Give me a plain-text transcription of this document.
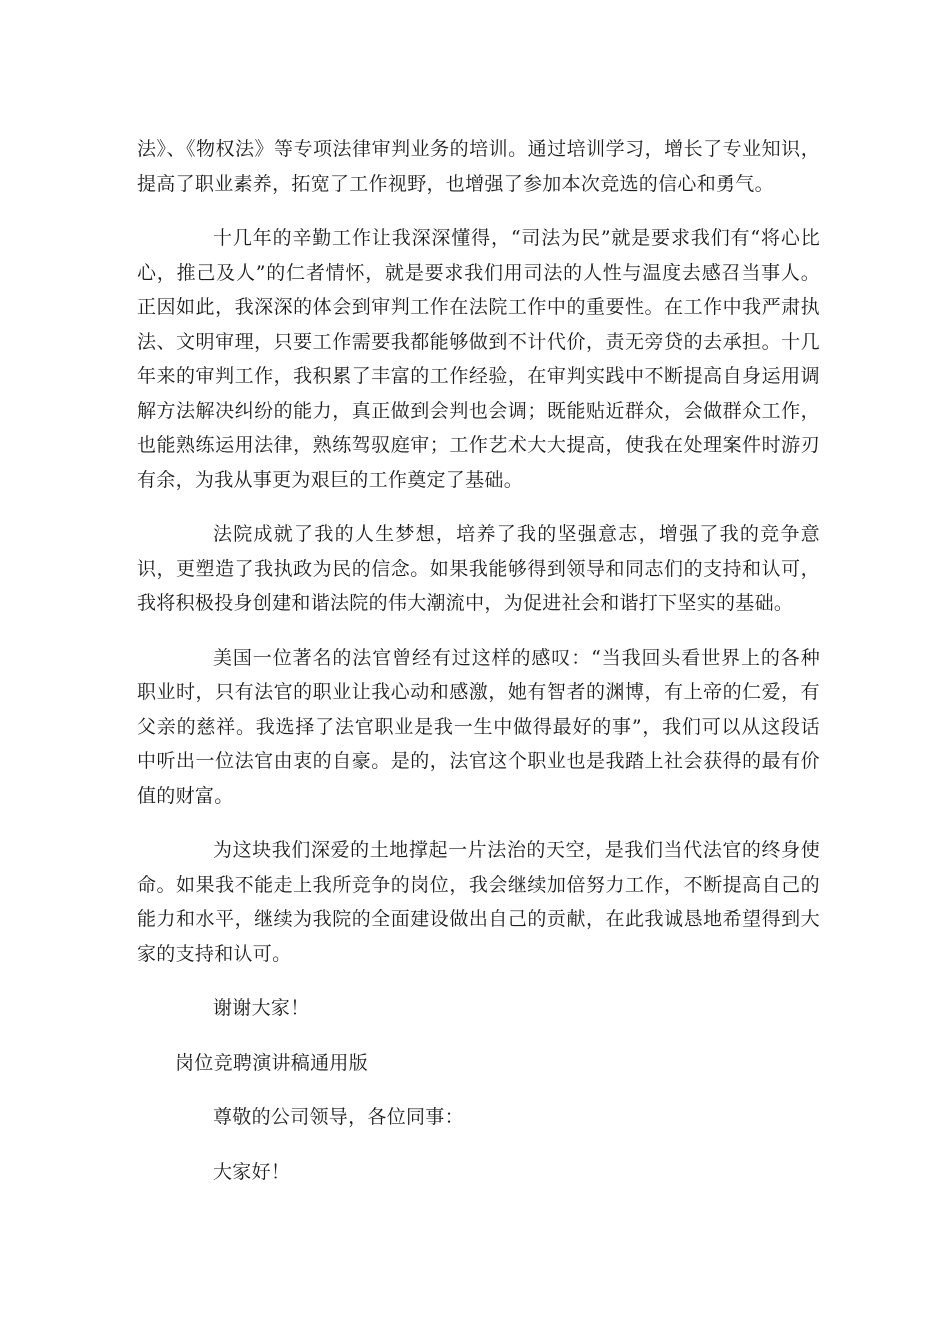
法》、《物权法》等专项法律审判业务的培训。通过培训学习，增长了专业知识，提高了职业素养，拓宽了工作视野，也增强了参加本次竞选的信心和勇气。

十几年的辛勤工作让我深深懂得，“司法为民”就是要求我们有“将心比心，推己及人”的仁者情怀，就是要求我们用司法的人性与温度去感召当事人。正因如此，我深深的体会到审判工作在法院工作中的重要性。在工作中我严肃执法、文明审理，只要工作需要我都能够做到不计代价，责无旁贷的去承担。十几年来的审判工作，我积累了丰富的工作经验，在审判实践中不断提高自身运用调解方法解决纠纷的能力，真正做到会判也会调；既能贴近群众，会做群众工作，也能熟练运用法律，熟练驾驭庭审；工作艺术大大提高，使我在处理案件时游刃有余，为我从事更为艰巨的工作奠定了基础。

法院成就了我的人生梦想，培养了我的坚强意志，增强了我的竞争意识，更塑造了我执政为民的信念。如果我能够得到领导和同志们的支持和认可，我将积极投身创建和谐法院的伟大潮流中，为促进社会和谐打下坚实的基础。

美国一位著名的法官曾经有过这样的感叹：“当我回头看世界上的各种职业时，只有法官的职业让我心动和感激，她有智者的渊博，有上帝的仁爱，有父亲的慈祥。我选择了法官职业是我一生中做得最好的事”，我们可以从这段话中听出一位法官由衷的自豪。是的，法官这个职业也是我踏上社会获得的最有价值的财富。

为这块我们深爱的土地撑起一片法治的天空，是我们当代法官的终身使命。如果我不能走上我所竞争的岗位，我会继续加倍努力工作，不断提高自己的能力和水平，继续为我院的全面建设做出自己的贡献，在此我诚恳地希望得到大家的支持和认可。

谢谢大家！
岗位竞聘演讲稿通用版
尊敬的公司领导，各位同事：
大家好！
